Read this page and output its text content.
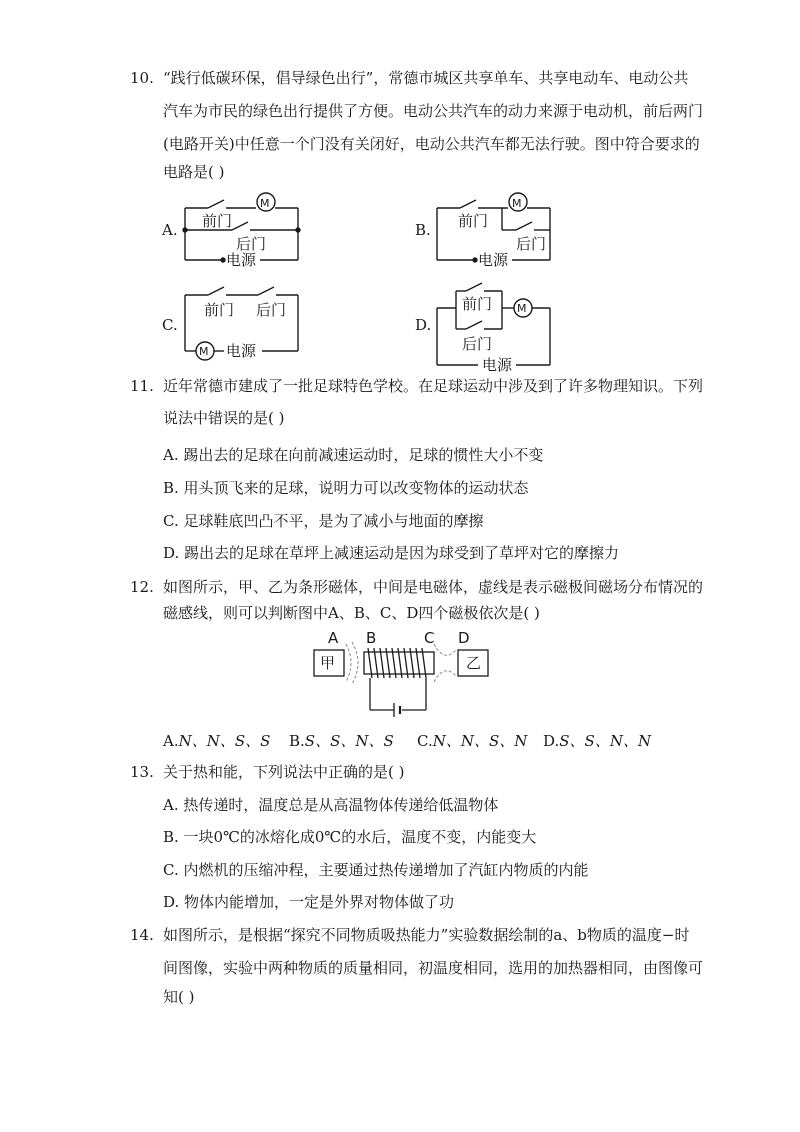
10. “践行低碳环保，倡导绿色出行”，常德市城区共享单车、共享电动车、电动公共
汽车为市民的绿色出行提供了方便。电动公共汽车的动力来源于电动机，前后两门
(电路开关)中任意一个门没有关闭好，电动公共汽车都无法行驶。图中符合要求的
电路是( )
A.
M
前门
后门
电源
B.
M
前门
后门
电源
C.
前门 后门
M 电源
D.
前门 M
后门
电源
11. 近年常德市建成了一批足球特色学校。在足球运动中涉及到了许多物理知识。下列
说法中错误的是( )
A. 踢出去的足球在向前减速运动时，足球的惯性大小不变
B. 用头顶飞来的足球，说明力可以改变物体的运动状态
C. 足球鞋底凹凸不平，是为了减小与地面的摩擦
D. 踢出去的足球在草坪上减速运动是因为球受到了草坪对它的摩擦力
12. 如图所示，甲、乙为条形磁体，中间是电磁体，虚线是表示磁极间磁场分布情况的
磁感线，则可以判断图中A、B、C、D四个磁极依次是( )
A B	C D
甲	乙
A.N、N、S、S B.S、S、N、S C.N、N、S、N D.S、S、N、N
13. 关于热和能，下列说法中正确的是( )
A. 热传递时，温度总是从高温物体传递给低温物体
B. 一块0℃的冰熔化成0℃的水后，温度不变，内能变大
C. 内燃机的压缩冲程，主要通过热传递增加了汽缸内物质的内能
D. 物体内能增加，一定是外界对物体做了功
14. 如图所示，是根据“探究不同物质吸热能力”实验数据绘制的a、b物质的温度−时
间图像，实验中两种物质的质量相同，初温度相同，选用的加热器相同，由图像可
知( )
